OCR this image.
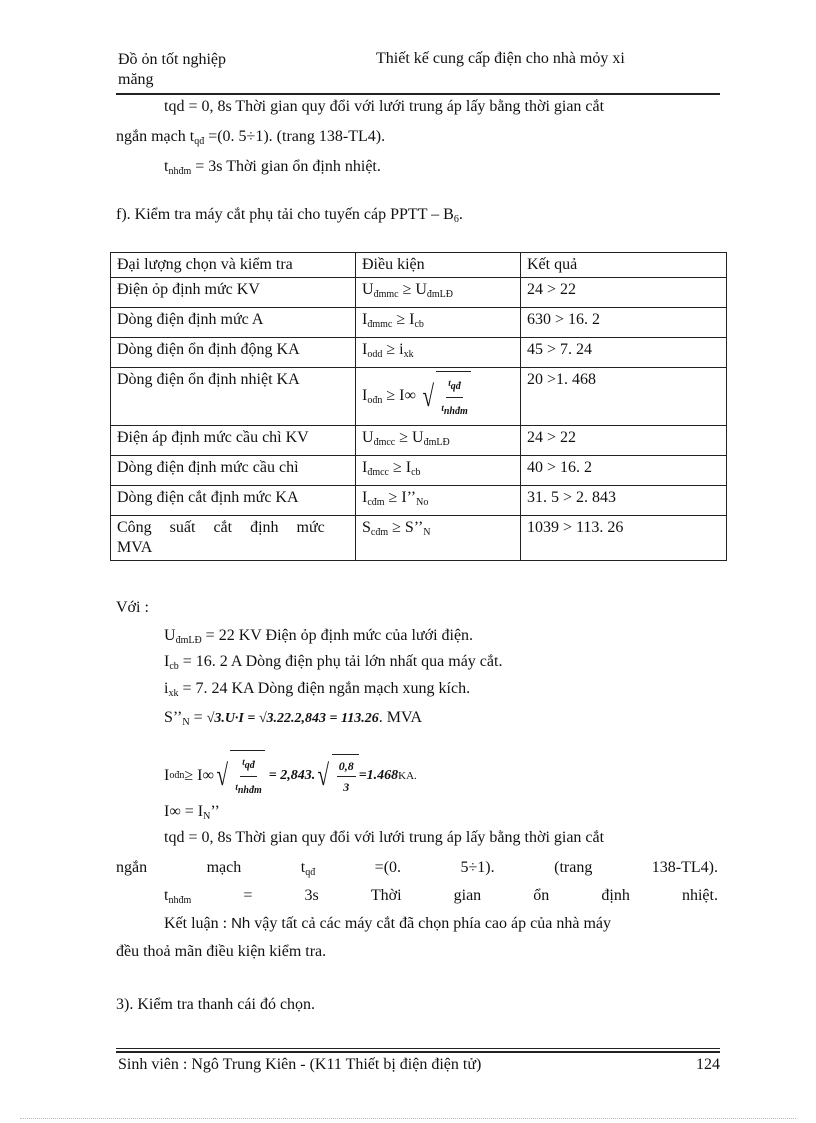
Đồ ỏn tốt nghiệp
măng
Thiết kế cung cấp điện cho nhà mỏy xi
tqd = 0, 8s Thời gian quy đổi với lưới trung áp lấy bằng thời gian cắt
ngắn mạch $t_{qđ} =(0$. 5÷1). (trang 138-TL4).
$t_{nhđm} = 3s$ Thời gian ổn định nhiệt.
f). Kiểm tra máy cắt phụ tải cho tuyến cáp PPTT – $B_6$.
Đại lượng chọn và kiểm tra	Điều kiện	Kết quả
Điện ỏp định mức KV	$U_{đmmc} \ge U_{đmLĐ}$	24 > 22
Dòng điện định mức A	$I_{đmmc} \ge I_{cb}$	630 > 16. 2
Dòng điện ổn định động KA	$I_{odd} \ge i_{xk}$	45 > 7. 24
Dòng điện ổn định nhiệt KA	$I_{ođn} \ge I\infty$ √ $\frac{t_{qđ}}{t_{nhđm}}$	20 >1. 468
Điện áp định mức cầu chì KV	$U_{đmcc} \ge U_{đmLĐ}$	24 > 22
Dòng điện định mức cầu chì	$I_{đmcc} \ge I_{cb}$	40 > 16. 2
Dòng điện cắt định mức KA	$I_{cđm}$ ≥ $I’’_{No}$	31. 5 > 2. 843

Công suất cắt định mức
MVA	$S_{cđm}$ ≥ $S’’_N$	1039 > 113. 26
Với :
$U_{đmLĐ} = 22$ KV Điện ỏp định mức của lưới điện.
$I_{cb} = 16$. 2 A Dòng điện phụ tải lớn nhất qua máy cắt.
$i_{xk} = 7$. 24 KA Dòng điện ngắn mạch xung kích.
$S’’_N = √3.U\cdot I = √3.22.2,843 = 113.26$. MVA
I ođn ≥ I∞ √ $\frac{t_{qđ}}{t_{nhđm}} = 2,843$. √ $\frac{0,8}{3} =1.468$ KA.
$I\infty = I_N$’’
tqd = 0, 8s Thời gian quy đổi với lưới trung áp lấy bằng thời gian cắt
ngắn	mạch	$t_{qđ}$	=(0.	5÷1).	(trang	138-TL4).
$t_{nhđm}$	=	3s	Thời	gian	ổn	định	nhiệt.
Kết luận : Nh vậy tất cả các máy cắt đã chọn phía cao áp của nhà máy
đều thoả mãn điều kiện kiểm tra.
3). Kiểm tra thanh cái đó chọn.
Sinh viên : Ngô Trung Kiên - (K11 Thiết bị điện điện tử)	124
